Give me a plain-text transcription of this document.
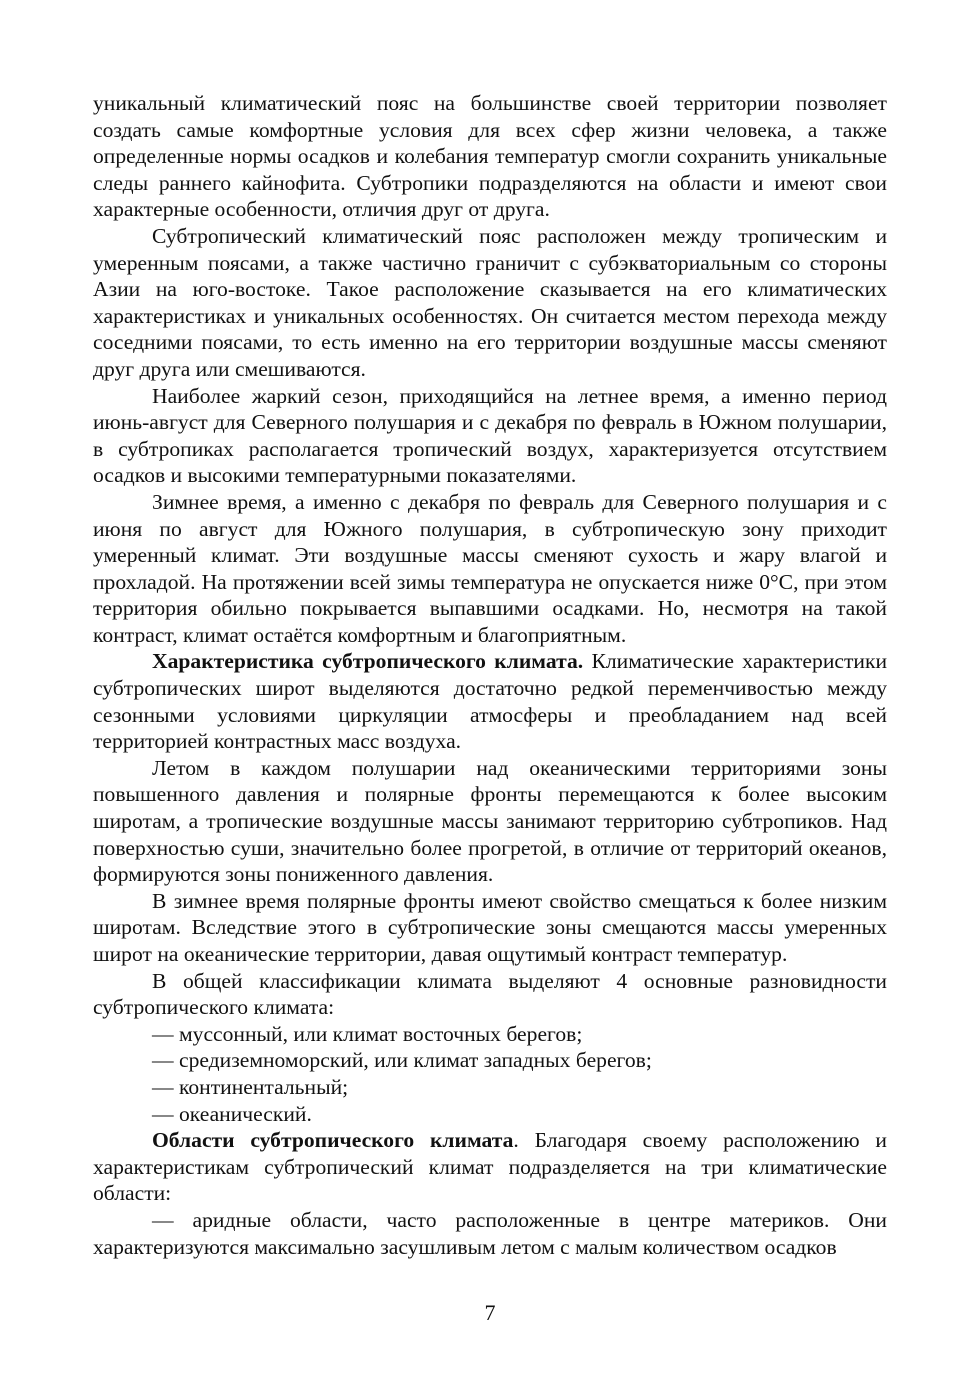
уникальный климатический пояс на большинстве своей территории позволяет создать самые комфортные условия для всех сфер жизни человека, а также определенные нормы осадков и колебания температур смогли сохранить уникальные следы раннего кайнофита. Субтропики подразделяются на области и имеют свои характерные особенности, отличия друг от друга.

Субтропический климатический пояс расположен между тропическим и умеренным поясами, а также частично граничит с субэкваториальным со стороны Азии на юго-востоке. Такое расположение сказывается на его климатических характеристиках и уникальных особенностях. Он считается местом перехода между соседними поясами, то есть именно на его территории воздушные массы сменяют друг друга или смешиваются.

Наиболее жаркий сезон, приходящийся на летнее время, а именно период июнь-август для Северного полушария и с декабря по февраль в Южном полушарии, в субтропиках располагается тропический воздух, характеризуется отсутствием осадков и высокими температурными показателями.

Зимнее время, а именно с декабря по февраль для Северного полушария и с июня по август для Южного полушария, в субтропическую зону приходит умеренный климат. Эти воздушные массы сменяют сухость и жару влагой и прохладой. На протяжении всей зимы температура не опускается ниже 0°С, при этом территория обильно покрывается выпавшими осадками. Но, несмотря на такой контраст, климат остаётся комфортным и благоприятным.

Характеристика субтропического климата. Климатические характеристики субтропических широт выделяются достаточно редкой переменчивостью между сезонными условиями циркуляции атмосферы и преобладанием над всей территорией контрастных масс воздуха.

Летом в каждом полушарии над океаническими территориями зоны повышенного давления и полярные фронты перемещаются к более высоким широтам, а тропические воздушные массы занимают территорию субтропиков. Над поверхностью суши, значительно более прогретой, в отличие от территорий океанов, формируются зоны пониженного давления.

В зимнее время полярные фронты имеют свойство смещаться к более низким широтам. Вследствие этого в субтропические зоны смещаются массы умеренных широт на океанические территории, давая ощутимый контраст температур.

В общей классификации климата выделяют 4 основные разновидности субтропического климата:

— муссонный, или климат восточных берегов;

— средиземноморский, или климат западных берегов;

— континентальный;

— океанический.

Области субтропического климата. Благодаря своему расположению и характеристикам субтропический климат подразделяется на три климатические области:

— аридные области, часто расположенные в центре материков. Они характеризуются максимально засушливым летом с малым количеством осадков

7
